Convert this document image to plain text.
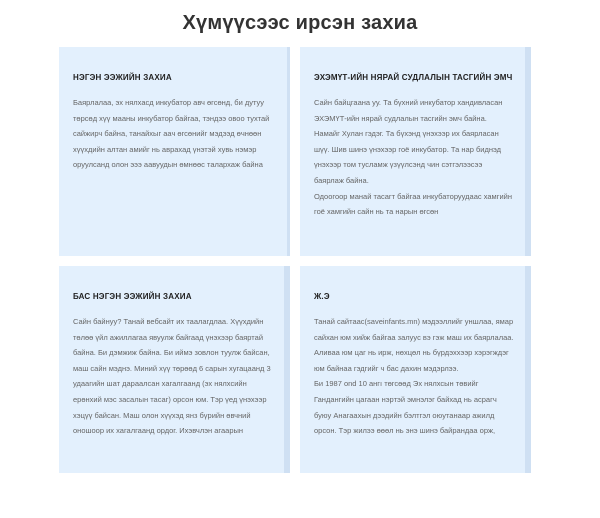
Хүмүүсээс ирсэн захиа
НЭГЭН ЭЭЖИЙН ЗАХИА

Баярлалаа, эх нялхасд инкубатор авч өгсөнд, би дутуу төрсөд хүү мааны инкубатор байгаа, тэндээ овоо тухтай сайжирч байна, танайхыг аач өгсөнийг мэдээд өчнөөн хүүхдийн алтан амийг нь аврахад үнэтэй хувь нэмэр оруулсанд олон эээ аавуудын өмнөөс талархаж байна

ЭХЭМҮТ-ИЙН НЯРАЙ СУДЛАЛЫН ТАСГИЙН ЭМЧ

Сайн байцгаана уу. Та бүхний инкубатор хандивласан ЭХЭМҮТ-ийн нярай судлалын тасгийн эмч байна. Намайг Хулан гэдэг. Та бүхэнд үнэхээр их баярласан шүү. Шив шинэ үнэхээр гоё инкубатор. Та нар биднэд үнэхээр том тусламж үзүүлсэнд чин сэтгэлээсээ баярлаж байна.

Одоогоор манай тасагт байгаа инкубаторуудаас хамгийн гоё хамгийн сайн нь та нарын өгсөн

БАС НЭГЭН ЭЭЖИЙН ЗАХИА

Сайн байнуу? Танай вебсайт их таалагдлаа. Хүүхдийн төлөө үйл ажиллагаа явуулж байгаад үнэхээр баяртай байна. Би дэмжиж байна. Би иймэ зовлон туулж байсан, маш сайн мэднэ. Миний хүү төрөөд 6 сарын хугацаанд 3 удаагийн шат дараалсан хагалгаанд (эх нялхсийн ерөнхий мэс засалын тасаг) орсон юм. Тэр үед үнэхээр хэцүү байсан. Маш олон хүүхэд янз бүрийн өвчний оношоор их хагалгаанд ордог. Ихэвчлэн агаарын

Ж.Э

Танай сайтаас(saveinfants.mn) мэдээллийг уншлаа, ямар сайхан юм хийж байгаа залуус вэ гэж маш их баярлалаа. Аливаа юм цаг нь ирж, нөхцөл нь бүрдэххээр хэрэгждэг юм байнаа гэдгийг ч бас дахин мэдэрлээ.

Би 1987 ond 10 ангı төгсөөд Эх нялхсын төвийг Гандангийн цагаан нэртэй эмнэлэг байхад нь асрагч буюу Анагаахын дээдийн бэлтгэл оюутанаар ажилд орсон. Тэр жилээ өөөл нь энэ шинэ байрандаа орж,
